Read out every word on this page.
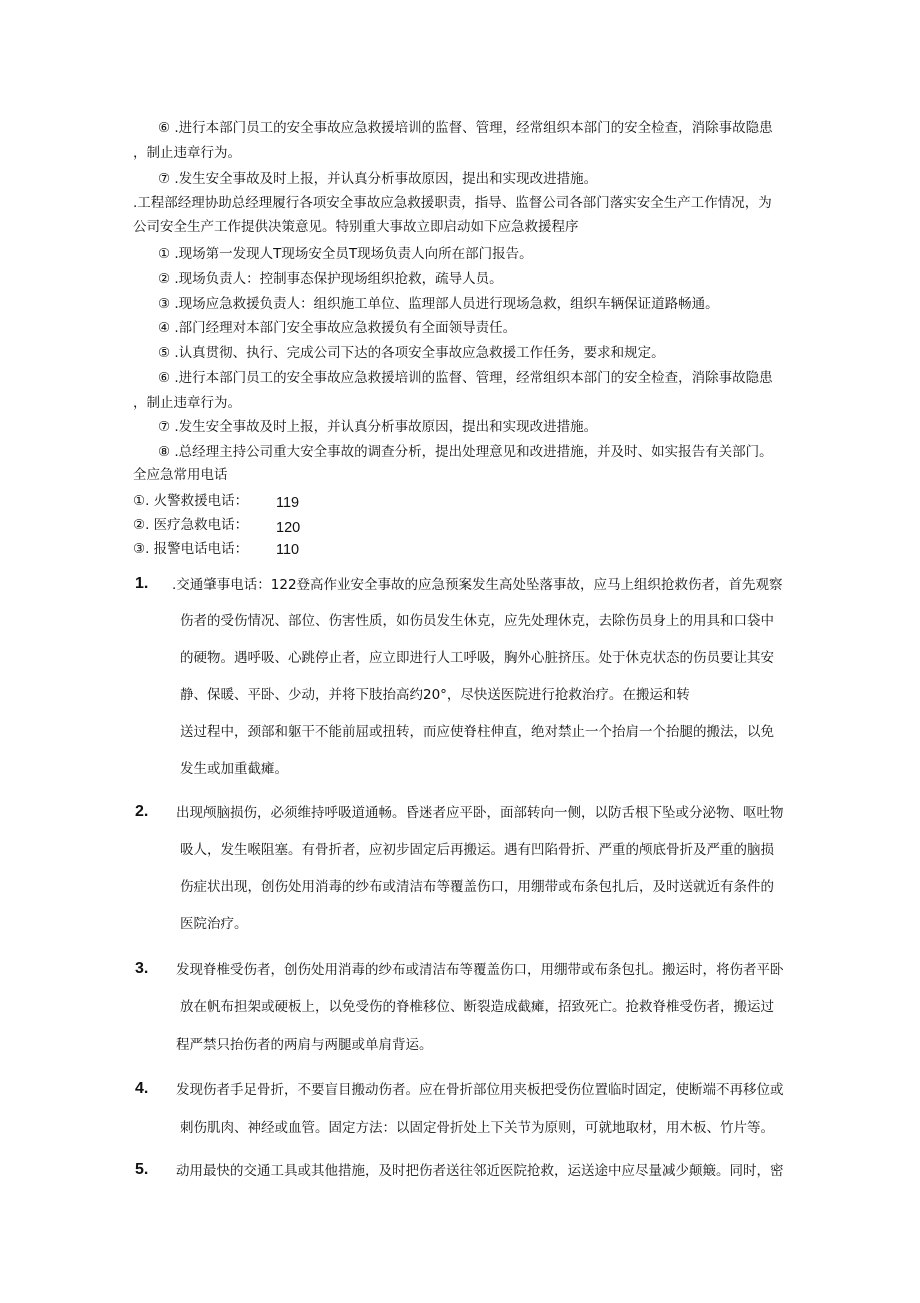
⑥ .进行本部门员工的安全事故应急救援培训的监督、管理，经常组织本部门的安全检查，消除事故隐患
，制止违章行为。
⑦ .发生安全事故及时上报，并认真分析事故原因，提出和实现改进措施。
.工程部经理协助总经理履行各项安全事故应急救援职责，指导、监督公司各部门落实安全生产工作情况，为
公司安全生产工作提供决策意见。特别重大事故立即启动如下应急救援程序
① .现场第一发现人T现场安全员T现场负责人向所在部门报告。
② .现场负责人：控制事态保护现场组织抢救，疏导人员。
③ .现场应急救援负责人：组织施工单位、监理部人员进行现场急救，组织车辆保证道路畅通。
④ .部门经理对本部门安全事故应急救援负有全面领导责任。
⑤ .认真贯彻、执行、完成公司下达的各项安全事故应急救援工作任务，要求和规定。
⑥ .进行本部门员工的安全事故应急救援培训的监督、管理，经常组织本部门的安全检查，消除事故隐患
，制止违章行为。
⑦ .发生安全事故及时上报，并认真分析事故原因，提出和实现改进措施。
⑧ .总经理主持公司重大安全事故的调查分析，提出处理意见和改进措施，并及时、如实报告有关部门。
全应急常用电话
①. 火警救援电话： 119
②. 医疗急救电话： 120
③. 报警电话电话： 110
1. .交通肇事电话：122登高作业安全事故的应急预案发生高处坠落事故，应马上组织抢救伤者，首先观察
伤者的受伤情况、部位、伤害性质，如伤员发生休克，应先处理休克，去除伤员身上的用具和口袋中
的硬物。遇呼吸、心跳停止者，应立即进行人工呼吸，胸外心脏挤压。处于休克状态的伤员要让其安
静、保暖、平卧、少动，并将下肢抬高约20°，尽快送医院进行抢救治疗。在搬运和转
送过程中，颈部和躯干不能前屈或扭转，而应使脊柱伸直，绝对禁止一个抬肩一个抬腿的搬法，以免
发生或加重截瘫。
2. 出现颅脑损伤，必须维持呼吸道通畅。昏迷者应平卧，面部转向一侧，以防舌根下坠或分泌物、呕吐物
吸人，发生喉阻塞。有骨折者，应初步固定后再搬运。遇有凹陷骨折、严重的颅底骨折及严重的脑损
伤症状出现，创伤处用消毒的纱布或清洁布等覆盖伤口，用绷带或布条包扎后，及时送就近有条件的
医院治疗。
3. 发现脊椎受伤者，创伤处用消毒的纱布或清洁布等覆盖伤口，用绷带或布条包扎。搬运时，将伤者平卧
放在帆布担架或硬板上，以免受伤的脊椎移位、断裂造成截瘫，招致死亡。抢救脊椎受伤者，搬运过
程严禁只抬伤者的两肩与两腿或单肩背运。
4. 发现伤者手足骨折，不要盲目搬动伤者。应在骨折部位用夹板把受伤位置临时固定，使断端不再移位或
刺伤肌肉、神经或血管。固定方法：以固定骨折处上下关节为原则，可就地取材，用木板、竹片等。
5. 动用最快的交通工具或其他措施，及时把伤者送往邻近医院抢救，运送途中应尽量减少颠簸。同时，密
